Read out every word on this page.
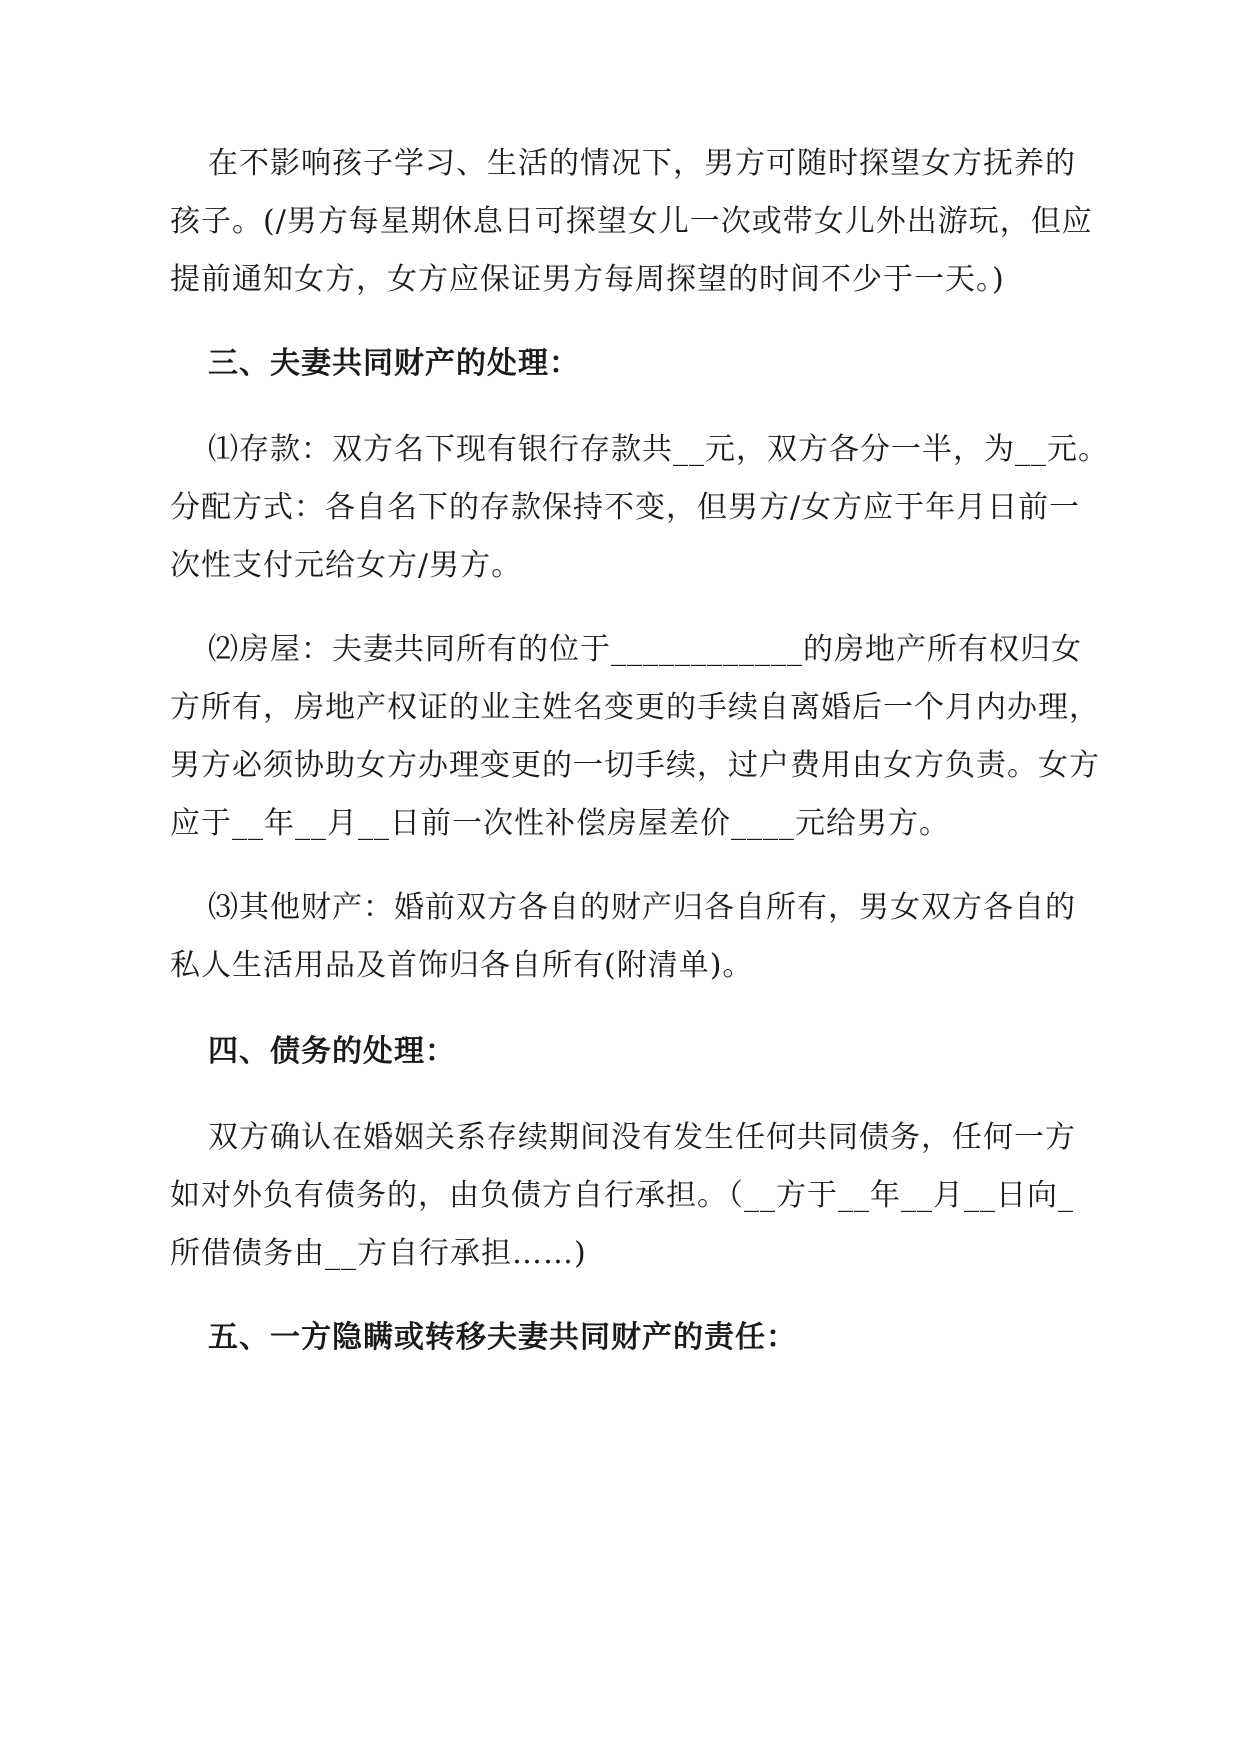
在不影响孩子学习、生活的情况下，男方可随时探望女方抚养的
孩子。(/男方每星期休息日可探望女儿一次或带女儿外出游玩，但应
提前通知女方，女方应保证男方每周探望的时间不少于一天。)
三、夫妻共同财产的处理：
⑴存款：双方名下现有银行存款共__元，双方各分一半，为__元。
分配方式：各自名下的存款保持不变，但男方/女方应于年月日前一
次性支付元给女方/男方。
⑵房屋：夫妻共同所有的位于____________的房地产所有权归女
方所有，房地产权证的业主姓名变更的手续自离婚后一个月内办理，
男方必须协助女方办理变更的一切手续，过户费用由女方负责。女方
应于__年__月__日前一次性补偿房屋差价____元给男方。
⑶其他财产：婚前双方各自的财产归各自所有，男女双方各自的
私人生活用品及首饰归各自所有(附清单)。
四、债务的处理：
双方确认在婚姻关系存续期间没有发生任何共同债务，任何一方
如对外负有债务的，由负债方自行承担。（__方于__年__月__日向_
所借债务由__方自行承担……)
五、一方隐瞒或转移夫妻共同财产的责任：
